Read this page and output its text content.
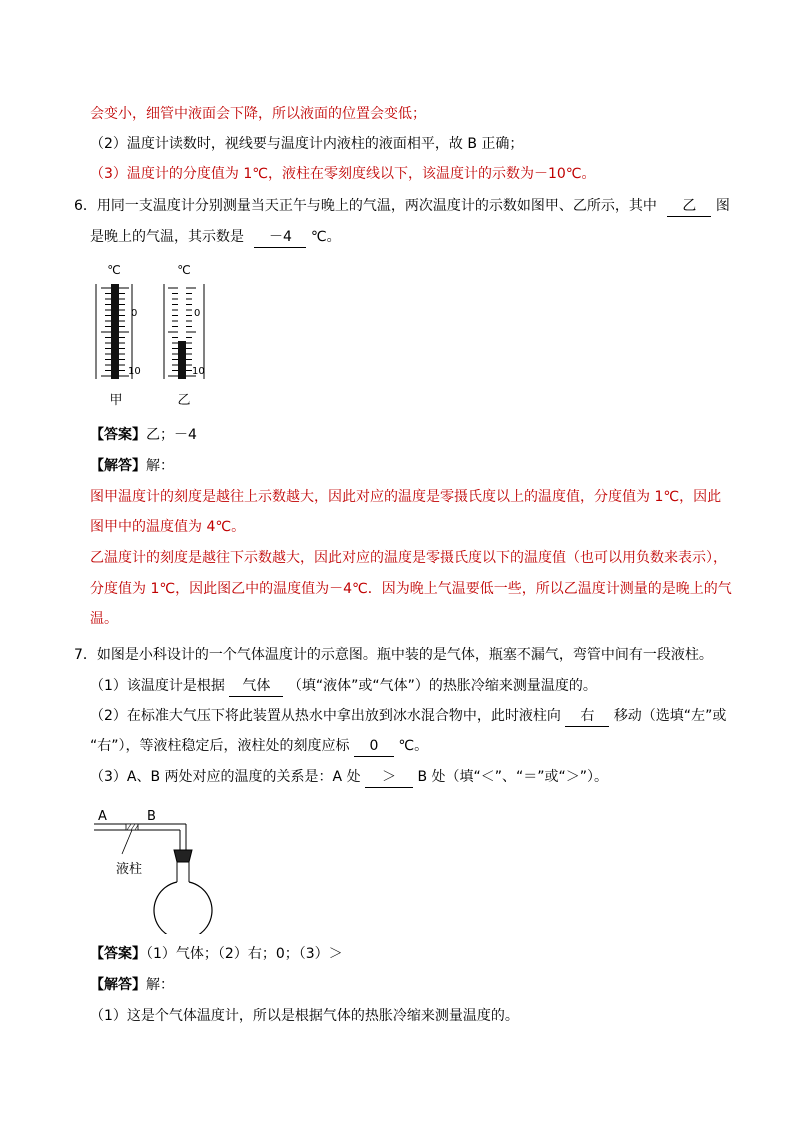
会变小，细管中液面会下降，所以液面的位置会变低；
（2）温度计读数时，视线要与温度计内液柱的液面相平，故 B 正确；
（3）温度计的分度值为 1℃，液柱在零刻度线以下，该温度计的示数为－10℃。
6．用同一支温度计分别测量当天正午与晚上的气温，两次温度计的示数如图甲、乙所示，其中 乙 图
是晚上的气温，其示数是 －4 ℃。
℃
0
10
甲
℃
0
10
乙
【答案】乙；－4
【解答】解：
图甲温度计的刻度是越往上示数越大，因此对应的温度是零摄氏度以上的温度值，分度值为 1℃，因此
图甲中的温度值为 4℃。
乙温度计的刻度是越往下示数越大，因此对应的温度是零摄氏度以下的温度值（也可以用负数来表示），
分度值为 1℃，因此图乙中的温度值为－4℃．因为晚上气温要低一些，所以乙温度计测量的是晚上的气
温。
7．如图是小科设计的一个气体温度计的示意图。瓶中装的是气体，瓶塞不漏气，弯管中间有一段液柱。
（1）该温度计是根据 气体 （填“液体”或“气体”）的热胀冷缩来测量温度的。
（2）在标准大气压下将此装置从热水中拿出放到冰水混合物中，此时液柱向 右 移动（选填“左”或
“右”），等液柱稳定后，液柱处的刻度应标 0 ℃。
（3）A、B 两处对应的温度的关系是：A 处 ＞ B 处（填“＜”、“＝”或“＞”）。
A	B
液柱
【答案】（1）气体；（2）右；0；（3）＞
【解答】解：
（1）这是个气体温度计，所以是根据气体的热胀冷缩来测量温度的。
